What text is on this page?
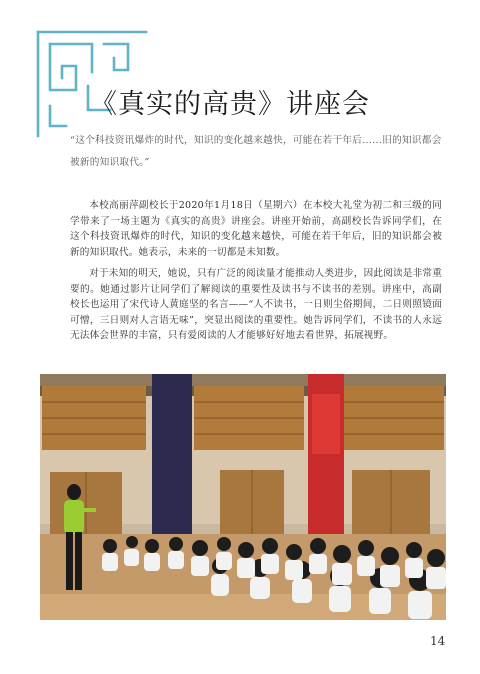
《真实的高贵》讲座会
“这个科技资讯爆炸的时代，知识的变化越来越快，可能在若干年后......旧的知识都会被新的知识取代。”
本校高丽萍副校长于2020年1月18日（星期六）在本校大礼堂为初二和三级的同学带来了一场主题为《真实的高贵》讲座会。讲座开始前，高副校长告诉同学们，在这个科技资讯爆炸的时代，知识的变化越来越快，可能在若干年后，旧的知识都会被新的知识取代。她表示，未来的一切都是未知数。
对于未知的明天，她说，只有广泛的阅读量才能推动人类进步，因此阅读是非常重要的。她通过影片让同学们了解阅读的重要性及读书与不读书的差别。讲座中，高副校长也运用了宋代诗人黄庭坚的名言——“人不读书，一日则尘俗期间，二日则照镜面可憎，三日则对人言语无味”，突显出阅读的重要性。她告诉同学们，不读书的人永远无法体会世界的丰富，只有爱阅读的人才能够好好地去看世界，拓展视野。
14
